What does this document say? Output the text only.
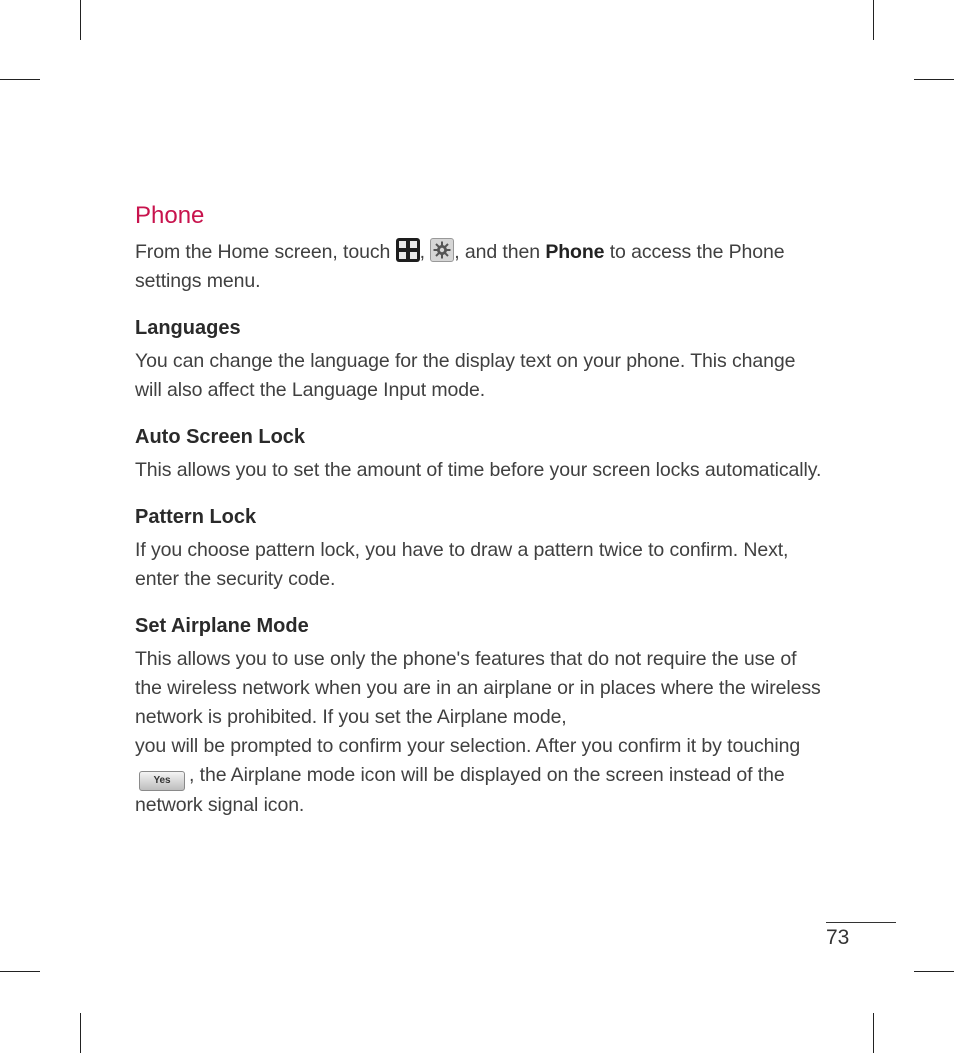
Phone

From the Home screen, touch , , and then Phone to access the Phone settings menu.

Languages

You can change the language for the display text on your phone. This change will also affect the Language Input mode.

Auto Screen Lock

This allows you to set the amount of time before your screen locks automatically.

Pattern Lock

If you choose pattern lock, you have to draw a pattern twice to confirm. Next, enter the security code.

Set Airplane Mode

This allows you to use only the phone's features that do not require the use of the wireless network when you are in an airplane or in places where the wireless network is prohibited. If you set the Airplane mode,
you will be prompted to confirm your selection. After you confirm it by touching Yes , the Airplane mode icon will be displayed on the screen instead of the network signal icon.

73
